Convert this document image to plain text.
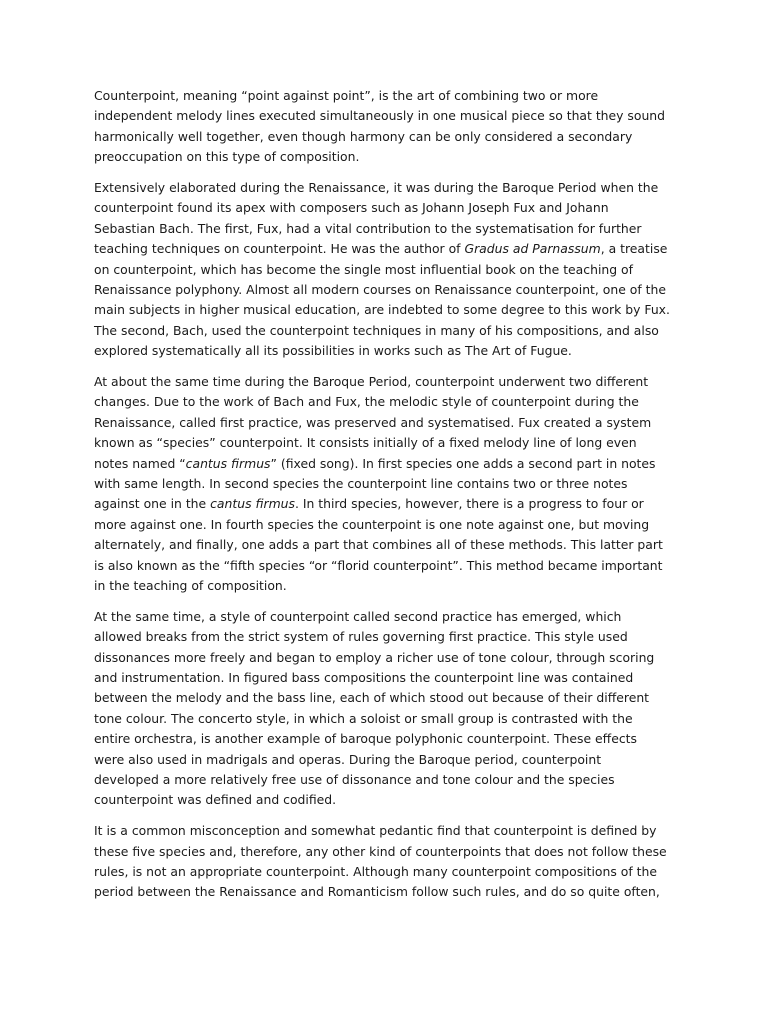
Counterpoint, meaning “point against point”, is the art of combining two or more
independent melody lines executed simultaneously in one musical piece so that they sound
harmonically well together, even though harmony can be only considered a secondary
preoccupation on this type of composition.

Extensively elaborated during the Renaissance, it was during the Baroque Period when the
counterpoint found its apex with composers such as Johann Joseph Fux and Johann
Sebastian Bach. The first, Fux, had a vital contribution to the systematisation for further
teaching techniques on counterpoint. He was the author of Gradus ad Parnassum, a treatise
on counterpoint, which has become the single most influential book on the teaching of
Renaissance polyphony. Almost all modern courses on Renaissance counterpoint, one of the
main subjects in higher musical education, are indebted to some degree to this work by Fux.
The second, Bach, used the counterpoint techniques in many of his compositions, and also
explored systematically all its possibilities in works such as The Art of Fugue.

At about the same time during the Baroque Period, counterpoint underwent two different
changes. Due to the work of Bach and Fux, the melodic style of counterpoint during the
Renaissance, called first practice, was preserved and systematised. Fux created a system
known as “species” counterpoint. It consists initially of a fixed melody line of long even
notes named “cantus firmus” (fixed song). In first species one adds a second part in notes
with same length. In second species the counterpoint line contains two or three notes
against one in the cantus firmus. In third species, however, there is a progress to four or
more against one. In fourth species the counterpoint is one note against one, but moving
alternately, and finally, one adds a part that combines all of these methods. This latter part
is also known as the “fifth species “or “florid counterpoint”. This method became important
in the teaching of composition.

At the same time, a style of counterpoint called second practice has emerged, which
allowed breaks from the strict system of rules governing first practice. This style used
dissonances more freely and began to employ a richer use of tone colour, through scoring
and instrumentation. In figured bass compositions the counterpoint line was contained
between the melody and the bass line, each of which stood out because of their different
tone colour. The concerto style, in which a soloist or small group is contrasted with the
entire orchestra, is another example of baroque polyphonic counterpoint. These effects
were also used in madrigals and operas. During the Baroque period, counterpoint
developed a more relatively free use of dissonance and tone colour and the species
counterpoint was defined and codified.

It is a common misconception and somewhat pedantic find that counterpoint is defined by
these five species and, therefore, any other kind of counterpoints that does not follow these
rules, is not an appropriate counterpoint. Although many counterpoint compositions of the
period between the Renaissance and Romanticism follow such rules, and do so quite often,
